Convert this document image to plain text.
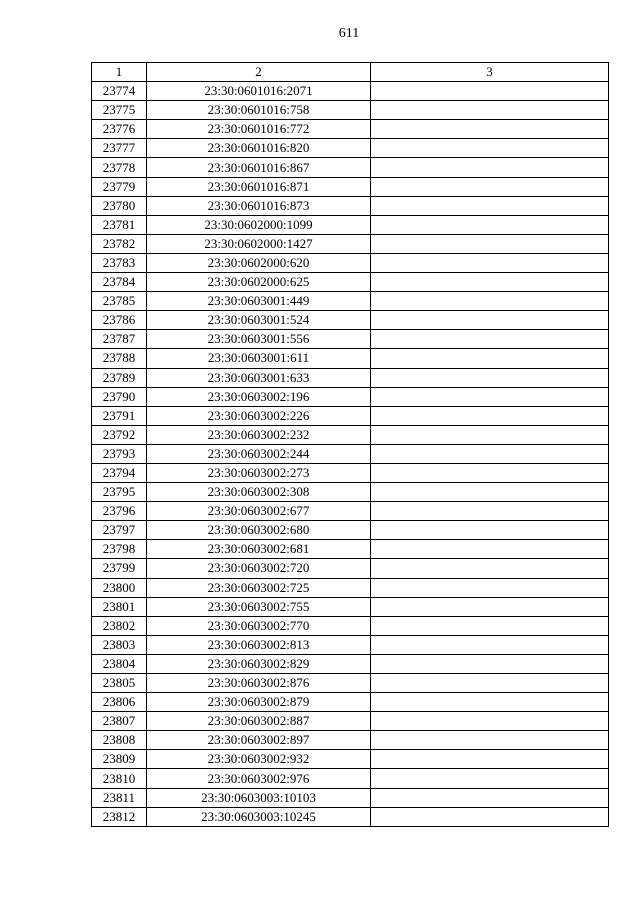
611
1	2	3
23774	23:30:0601016:2071	
23775	23:30:0601016:758	
23776	23:30:0601016:772	
23777	23:30:0601016:820	
23778	23:30:0601016:867	
23779	23:30:0601016:871	
23780	23:30:0601016:873	
23781	23:30:0602000:1099	
23782	23:30:0602000:1427	
23783	23:30:0602000:620	
23784	23:30:0602000:625	
23785	23:30:0603001:449	
23786	23:30:0603001:524	
23787	23:30:0603001:556	
23788	23:30:0603001:611	
23789	23:30:0603001:633	
23790	23:30:0603002:196	
23791	23:30:0603002:226	
23792	23:30:0603002:232	
23793	23:30:0603002:244	
23794	23:30:0603002:273	
23795	23:30:0603002:308	
23796	23:30:0603002:677	
23797	23:30:0603002:680	
23798	23:30:0603002:681	
23799	23:30:0603002:720	
23800	23:30:0603002:725	
23801	23:30:0603002:755	
23802	23:30:0603002:770	
23803	23:30:0603002:813	
23804	23:30:0603002:829	
23805	23:30:0603002:876	
23806	23:30:0603002:879	
23807	23:30:0603002:887	
23808	23:30:0603002:897	
23809	23:30:0603002:932	
23810	23:30:0603002:976	
23811	23:30:0603003:10103	
23812	23:30:0603003:10245	
